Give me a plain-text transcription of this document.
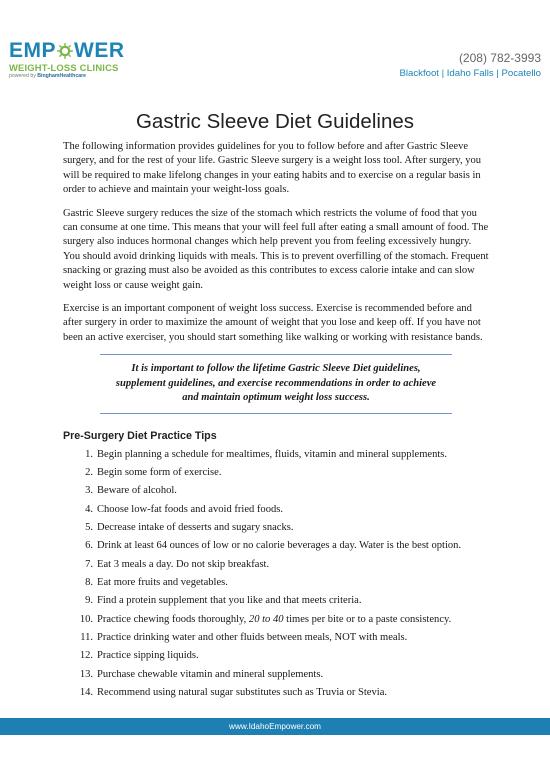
EMP WER
WEIGHT-LOSS CLINICS
powered by BinghamHealthcare
(208) 782-3993
Blackfoot | Idaho Falls | Pocatello
Gastric Sleeve Diet Guidelines

The following information provides guidelines for you to follow before and after Gastric Sleeve surgery, and for the rest of your life. Gastric Sleeve surgery is a weight loss tool. After surgery, you will be required to make lifelong changes in your eating habits and to exercise on a regular basis in order to achieve and maintain your weight-loss goals.

Gastric Sleeve surgery reduces the size of the stomach which restricts the volume of food that you can consume at one time. This means that your will feel full after eating a small amount of food. The surgery also induces hormonal changes which help prevent you from feeling excessively hungry. You should avoid drinking liquids with meals. This is to prevent overfilling of the stomach. Frequent snacking or grazing must also be avoided as this contributes to excess calorie intake and can slow weight loss or cause weight gain.

Exercise is an important component of weight loss success. Exercise is recommended before and after surgery in order to maximize the amount of weight that you lose and keep off. If you have not been an active exerciser, you should start something like walking or working with resistance bands.

It is important to follow the lifetime Gastric Sleeve Diet guidelines,
supplement guidelines, and exercise recommendations in order to achieve
and maintain optimum weight loss success.
Pre-Surgery Diet Practice Tips
1. Begin planning a schedule for mealtimes, fluids, vitamin and mineral supplements.
2. Begin some form of exercise.
3. Beware of alcohol.
4. Choose low-fat foods and avoid fried foods.
5. Decrease intake of desserts and sugary snacks.
6. Drink at least 64 ounces of low or no calorie beverages a day. Water is the best option.
7. Eat 3 meals a day. Do not skip breakfast.
8. Eat more fruits and vegetables.
9. Find a protein supplement that you like and that meets criteria.
10. Practice chewing foods thoroughly, 20 to 40 times per bite or to a paste consistency.
11. Practice drinking water and other fluids between meals, NOT with meals.
12. Practice sipping liquids.
13. Purchase chewable vitamin and mineral supplements.
14. Recommend using natural sugar substitutes such as Truvia or Stevia.
www.IdahoEmpower.com
